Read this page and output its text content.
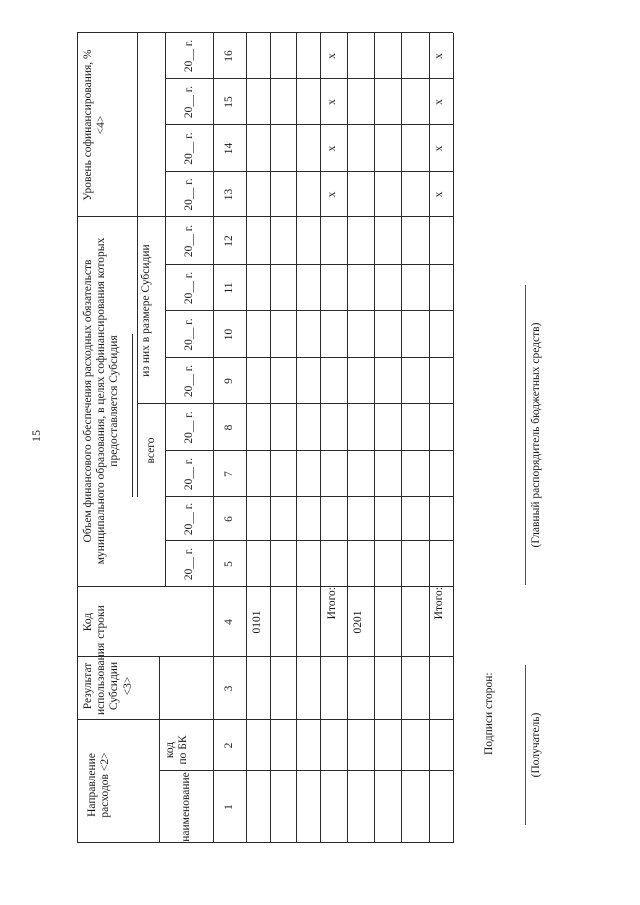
15
Направление расходов <2>
Результат использования Субсидии <3>
Код строки
Объем финансового обеспечения расходных обязательств муниципального образования, в целях софинансирования которых предоставляется Субсидия
Уровень софинансирования, % <4>
наименование
код по БК
всего
из них в размере Субсидии
20__ г.
20__ г.
20__ г.
20__ г.
20__ г.
20__ г.
20__ г.
20__ г.
20__ г.
20__ г.
20__ г.
20__ г.
1
2
3
4
5
6
7
8
9
10
11
12
13
14
15
16
0101
Итого:
x
x
x
x
0201
Итого:
x
x
x
x
Подписи сторон:	(Получатель)
(Главный распорядитель бюджетных средств)
